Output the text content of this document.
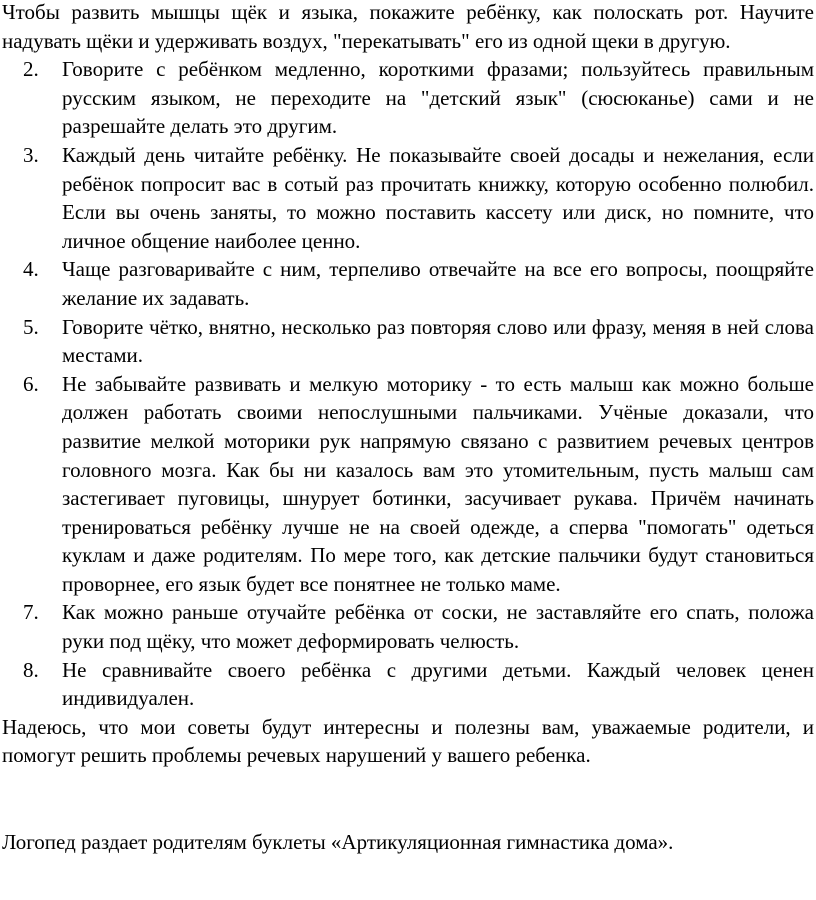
Чтобы развить мышцы щёк и языка, покажите ребёнку, как полоскать рот. Научите надувать щёки и удерживать воздух, "перекатывать" его из одной щеки в другую.

2.	Говорите с ребёнком медленно, короткими фразами; пользуйтесь правильным русским языком, не переходите на "детский язык" (сюсюканье) сами и не разрешайте делать это другим.
3.	Каждый день читайте ребёнку. Не показывайте своей досады и нежелания, если ребёнок попросит вас в сотый раз прочитать книжку, которую особенно полюбил. Если вы очень заняты, то можно поставить кассету или диск, но помните, что личное общение наиболее ценно.
4.	Чаще разговаривайте с ним, терпеливо отвечайте на все его вопросы, поощряйте желание их задавать.
5.	Говорите чётко, внятно, несколько раз повторяя слово или фразу, меняя в ней слова местами.
6.	Не забывайте развивать и мелкую моторику - то есть малыш как можно больше должен работать своими непослушными пальчиками. Учёные доказали, что развитие мелкой моторики рук напрямую связано с развитием речевых центров головного мозга. Как бы ни казалось вам это утомительным, пусть малыш сам застегивает пуговицы, шнурует ботинки, засучивает рукава. Причём начинать тренироваться ребёнку лучше не на своей одежде, а сперва "помогать" одеться куклам и даже родителям. По мере того, как детские пальчики будут становиться проворнее, его язык будет все понятнее не только маме.
7.	Как можно раньше отучайте ребёнка от соски, не заставляйте его спать, положа руки под щёку, что может деформировать челюсть.
8.	Не сравнивайте своего ребёнка с другими детьми. Каждый человек ценен индивидуален.

Надеюсь, что мои советы будут интересны и полезны вам, уважаемые родители, и помогут решить проблемы речевых нарушений у вашего ребенка.

Логопед раздает родителям буклеты «Артикуляционная гимнастика дома».
